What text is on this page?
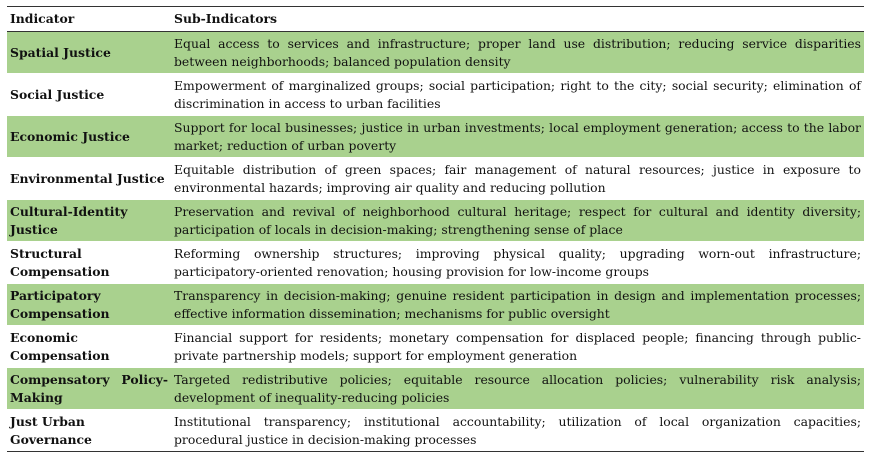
Indicator	Sub-Indicators
Spatial Justice	Equal access to services and infrastructure; proper land use distribution; reducing service disparities between neighborhoods; balanced population density
Social Justice	Empowerment of marginalized groups; social participation; right to the city; social security; elimination of discrimination in access to urban facilities
Economic Justice	Support for local businesses; justice in urban investments; local employment generation; access to the labor market; reduction of urban poverty
Environmental Justice	Equitable distribution of green spaces; fair management of natural resources; justice in exposure to environmental hazards; improving air quality and reducing pollution
Cultural-Identity Justice	Preservation and revival of neighborhood cultural heritage; respect for cultural and identity diversity; participation of locals in decision-making; strengthening sense of place
Structural Compensation	Reforming ownership structures; improving physical quality; upgrading worn-out infrastructure; participatory-oriented renovation; housing provision for low-income groups
Participatory Compensation	Transparency in decision-making; genuine resident participation in design and implementation processes; effective information dissemination; mechanisms for public oversight
Economic Compensation	Financial support for residents; monetary compensation for displaced people; financing through public-private partnership models; support for employment generation
Compensatory Policy-Making	Targeted redistributive policies; equitable resource allocation policies; vulnerability risk analysis; development of inequality-reducing policies
Just Urban Governance	Institutional transparency; institutional accountability; utilization of local organization capacities; procedural justice in decision-making processes
